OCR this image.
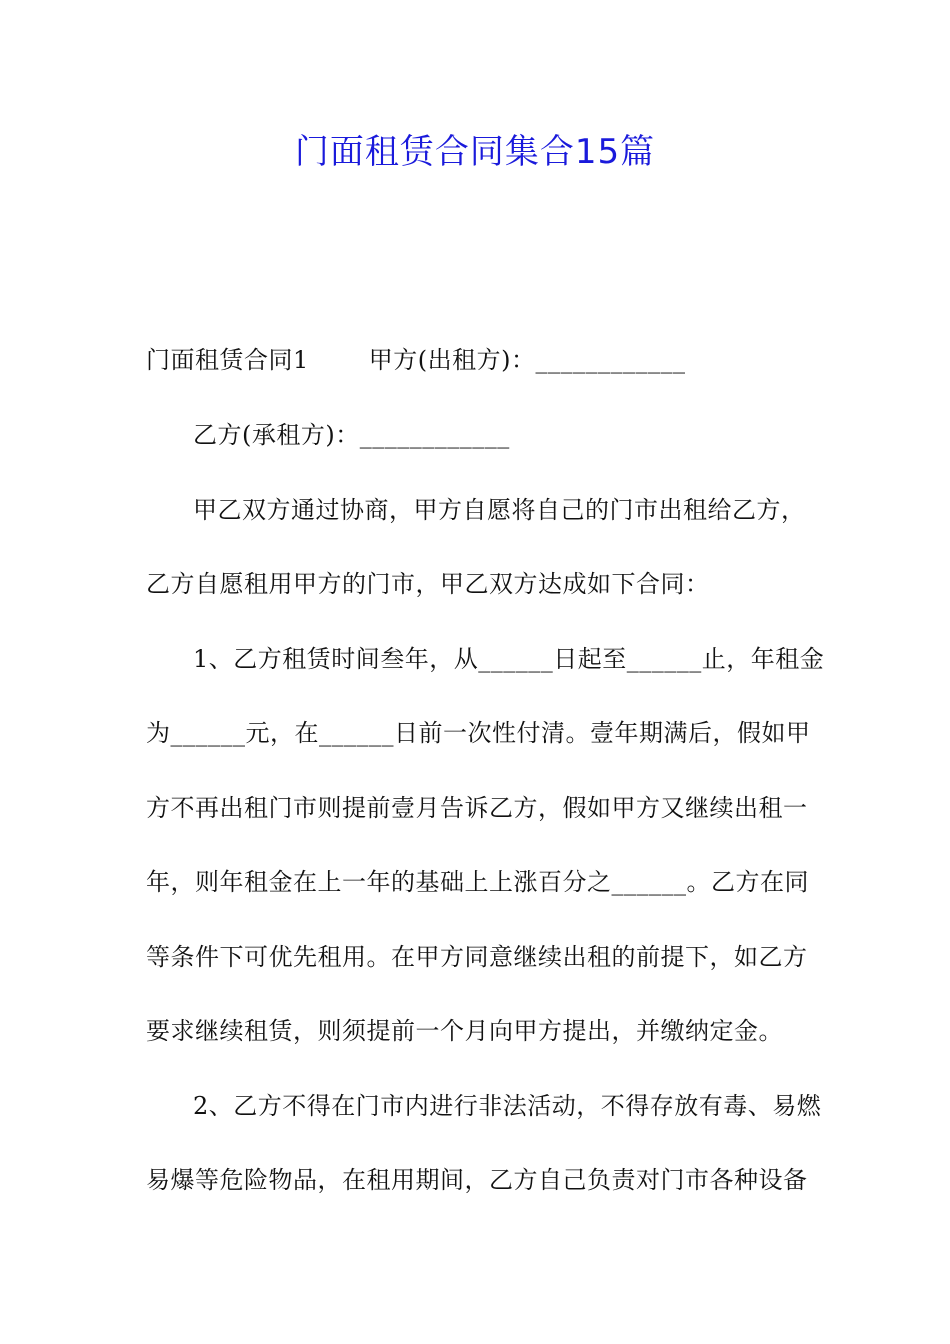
门面租赁合同集合15篇
门面租赁合同1	甲方(出租方)：____________
乙方(承租方)：____________
甲乙双方通过协商，甲方自愿将自己的门市出租给乙方，
乙方自愿租用甲方的门市，甲乙双方达成如下合同：
1、乙方租赁时间叁年，从______日起至______止，年租金
为______元，在______日前一次性付清。壹年期满后，假如甲
方不再出租门市则提前壹月告诉乙方，假如甲方又继续出租一
年，则年租金在上一年的基础上上涨百分之______。乙方在同
等条件下可优先租用。在甲方同意继续出租的前提下，如乙方
要求继续租赁，则须提前一个月向甲方提出，并缴纳定金。
2、乙方不得在门市内进行非法活动，不得存放有毒、易燃
易爆等危险物品，在租用期间，乙方自己负责对门市各种设备
